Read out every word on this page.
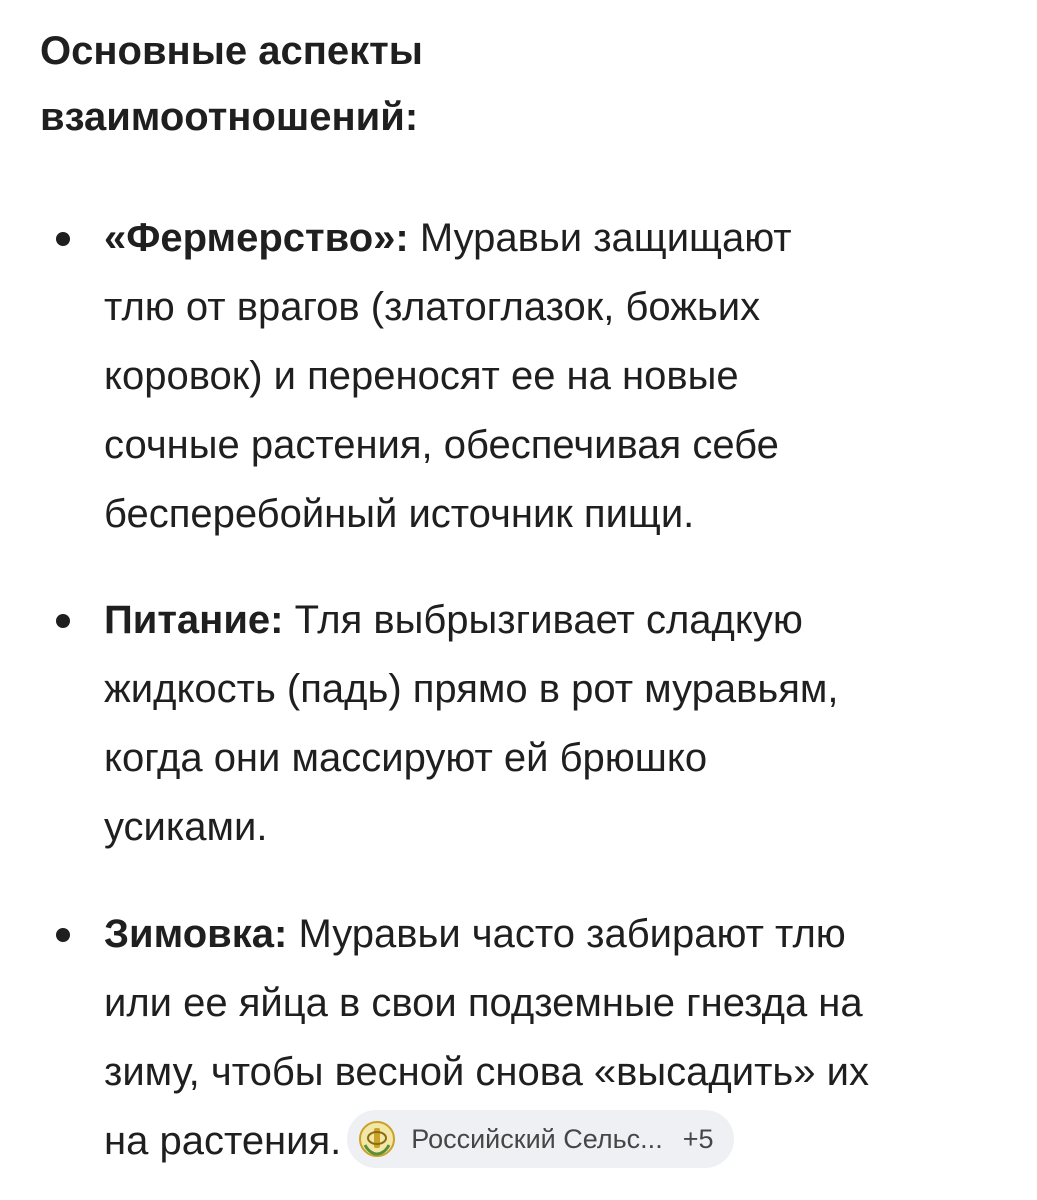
Основные аспекты
взаимоотношений:
«Фермерство»: Муравьи защищают
тлю от врагов (златоглазок, божьих
коровок) и переносят ее на новые
сочные растения, обеспечивая себе
бесперебойный источник пищи.
Питание: Тля выбрызгивает сладкую
жидкость (падь) прямо в рот муравьям,
когда они массируют ей брюшко
усиками.
Зимовка: Муравьи часто забирают тлю
или ее яйца в свои подземные гнезда на
зиму, чтобы весной снова «высадить» их
на растения.	Российский Сельс... +5
